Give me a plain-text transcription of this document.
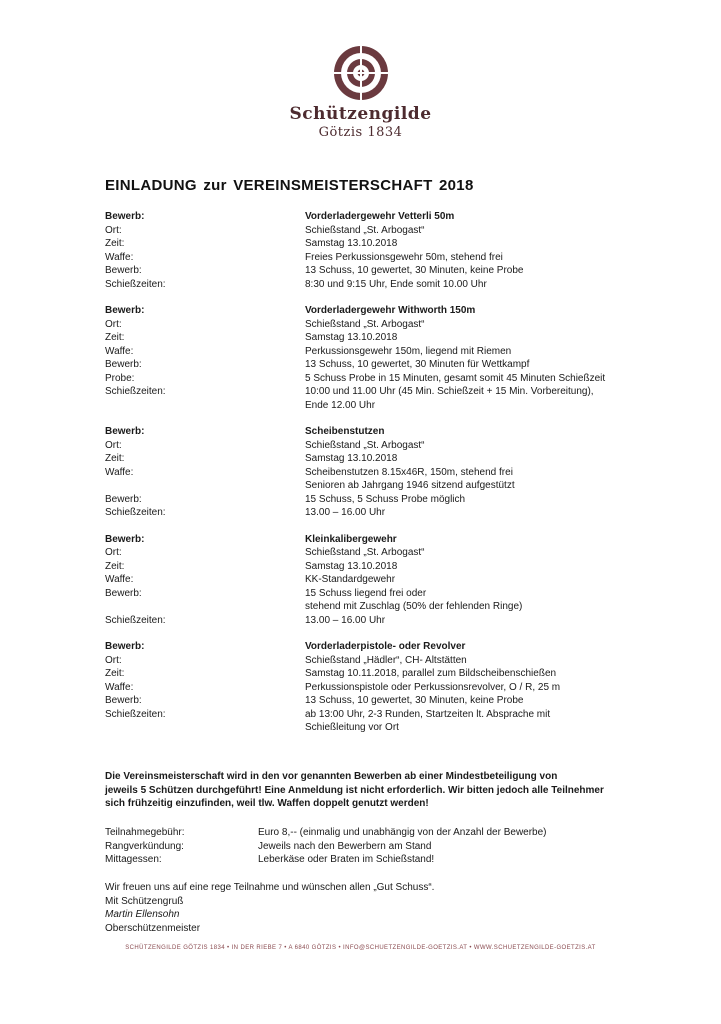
Schützengilde
Götzis 1834
EINLADUNG zur VEREINSMEISTERSCHAFT 2018
Bewerb:	Vorderladergewehr Vetterli 50m
Ort:	Schießstand „St. Arbogast“
Zeit:	Samstag 13.10.2018
Waffe:	Freies Perkussionsgewehr 50m, stehend frei
Bewerb:	13 Schuss, 10 gewertet, 30 Minuten, keine Probe
Schießzeiten:	8:30 und 9:15 Uhr, Ende somit 10.00 Uhr
Bewerb:	Vorderladergewehr Withworth 150m
Ort:	Schießstand „St. Arbogast“
Zeit:	Samstag 13.10.2018
Waffe:	Perkussionsgewehr 150m, liegend mit Riemen
Bewerb:	13 Schuss, 10 gewertet, 30 Minuten für Wettkampf
Probe:	5 Schuss Probe in 15 Minuten, gesamt somit 45 Minuten Schießzeit
Schießzeiten:	10:00 und 11.00 Uhr (45 Min. Schießzeit + 15 Min. Vorbereitung),
Ende 12.00 Uhr
Bewerb:	Scheibenstutzen
Ort:	Schießstand „St. Arbogast“
Zeit:	Samstag 13.10.2018
Waffe:	Scheibenstutzen 8.15x46R, 150m, stehend frei
Senioren ab Jahrgang 1946 sitzend aufgestützt
Bewerb:	15 Schuss, 5 Schuss Probe möglich
Schießzeiten:	13.00 – 16.00 Uhr
Bewerb:	Kleinkalibergewehr
Ort:	Schießstand „St. Arbogast“
Zeit:	Samstag 13.10.2018
Waffe:	KK-Standardgewehr
Bewerb:	15 Schuss liegend frei oder
stehend mit Zuschlag (50% der fehlenden Ringe)
Schießzeiten:	13.00 – 16.00 Uhr
Bewerb:	Vorderladerpistole- oder Revolver
Ort:	Schießstand „Hädler“, CH- Altstätten
Zeit:	Samstag 10.11.2018, parallel zum Bildscheibenschießen
Waffe:	Perkussionspistole oder Perkussionsrevolver, O / R, 25 m
Bewerb:	13 Schuss, 10 gewertet, 30 Minuten, keine Probe
Schießzeiten:	ab 13:00 Uhr, 2-3 Runden, Startzeiten lt. Absprache mit
Schießleitung vor Ort
Die Vereinsmeisterschaft wird in den vor genannten Bewerben ab einer Mindestbeteiligung von
jeweils 5 Schützen durchgeführt! Eine Anmeldung ist nicht erforderlich. Wir bitten jedoch alle Teilnehmer
sich frühzeitig einzufinden, weil tlw. Waffen doppelt genutzt werden!
Teilnahmegebühr:	Euro 8,-- (einmalig und unabhängig von der Anzahl der Bewerbe)
Rangverkündung:	Jeweils nach den Bewerbern am Stand
Mittagessen:	Leberkäse oder Braten im Schießstand!
Wir freuen uns auf eine rege Teilnahme und wünschen allen „Gut Schuss“.
Mit Schützengruß
Martin Ellensohn
Oberschützenmeister
SCHÜTZENGILDE GÖTZIS 1834 • IN DER RIEBE 7 • A 6840 GÖTZIS • INFO@SCHUETZENGILDE-GOETZIS.AT • WWW.SCHUETZENGILDE-GOETZIS.AT
